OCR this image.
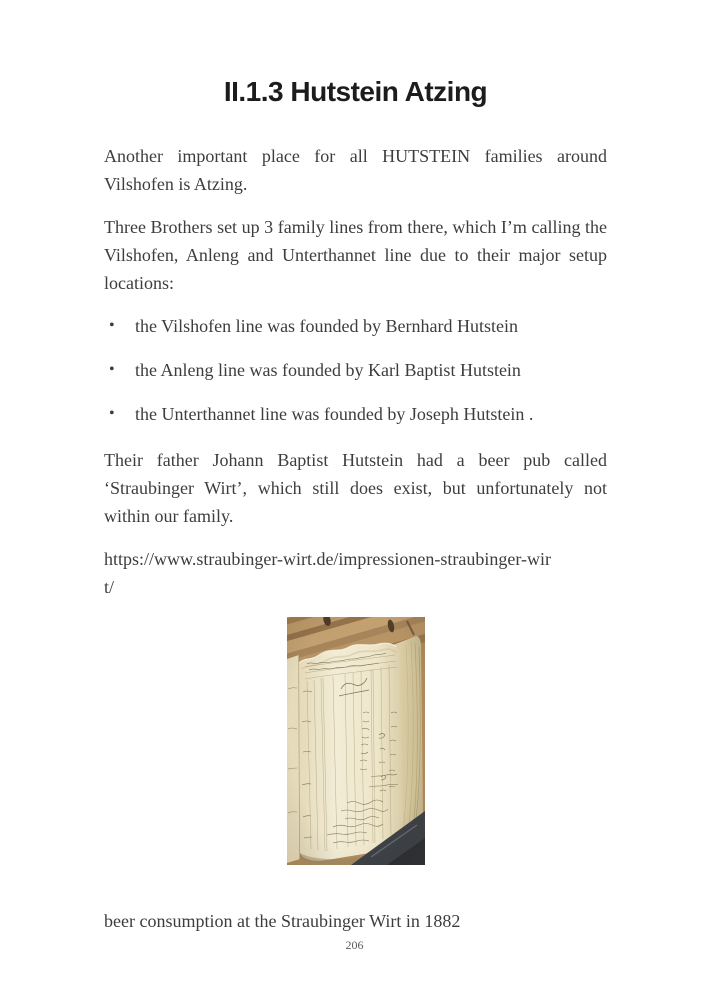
II.1.3 Hutstein Atzing

Another important place for all HUTSTEIN families around Vilshofen is Atzing.

Three Brothers set up 3 family lines from there, which I’m calling the Vilshofen, Anleng and Unterthannet line due to their major setup locations:

•
the Vilshofen line was founded by Bernhard Hutstein
•
the Anleng line was founded by Karl Baptist Hutstein
•
the Unterthannet line was founded by Joseph Hutstein .

Their father Johann Baptist Hutstein had a beer pub called ‘Straubinger Wirt’, which still does exist, but unfortunately not within our family.

https://www.straubinger-wirt.de/impressionen-straubinger-wir
t/

beer consumption at the Straubinger Wirt in 1882

206
